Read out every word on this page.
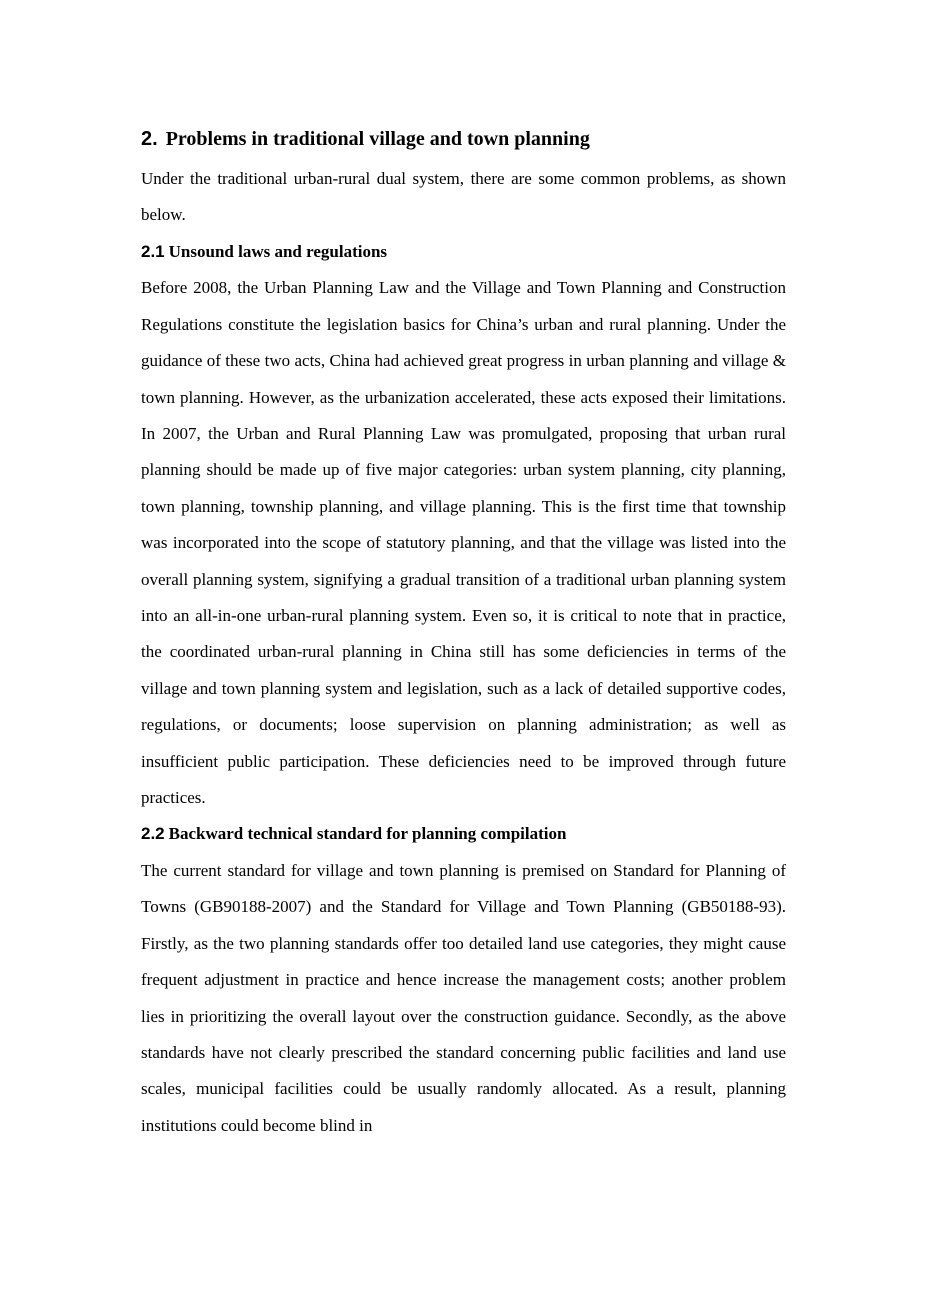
2. Problems in traditional village and town planning

Under the traditional urban-rural dual system, there are some common problems, as shown below.

2.1 Unsound laws and regulations

Before 2008, the Urban Planning Law and the Village and Town Planning and Construction Regulations constitute the legislation basics for China’s urban and rural planning. Under the guidance of these two acts, China had achieved great progress in urban planning and village & town planning. However, as the urbanization accelerated, these acts exposed their limitations. In 2007, the Urban and Rural Planning Law was promulgated, proposing that urban rural planning should be made up of five major categories: urban system planning, city planning, town planning, township planning, and village planning. This is the first time that township was incorporated into the scope of statutory planning, and that the village was listed into the overall planning system, signifying a gradual transition of a traditional urban planning system into an all-in-one urban-rural planning system. Even so, it is critical to note that in practice, the coordinated urban-rural planning in China still has some deficiencies in terms of the village and town planning system and legislation, such as a lack of detailed supportive codes, regulations, or documents; loose supervision on planning administration; as well as insufficient public participation. These deficiencies need to be improved through future practices.

2.2 Backward technical standard for planning compilation

The current standard for village and town planning is premised on Standard for Planning of Towns (GB90188-2007) and the Standard for Village and Town Planning (GB50188-93). Firstly, as the two planning standards offer too detailed land use categories, they might cause frequent adjustment in practice and hence increase the management costs; another problem lies in prioritizing the overall layout over the construction guidance. Secondly, as the above standards have not clearly prescribed the standard concerning public facilities and land use scales, municipal facilities could be usually randomly allocated. As a result, planning institutions could become blind in
